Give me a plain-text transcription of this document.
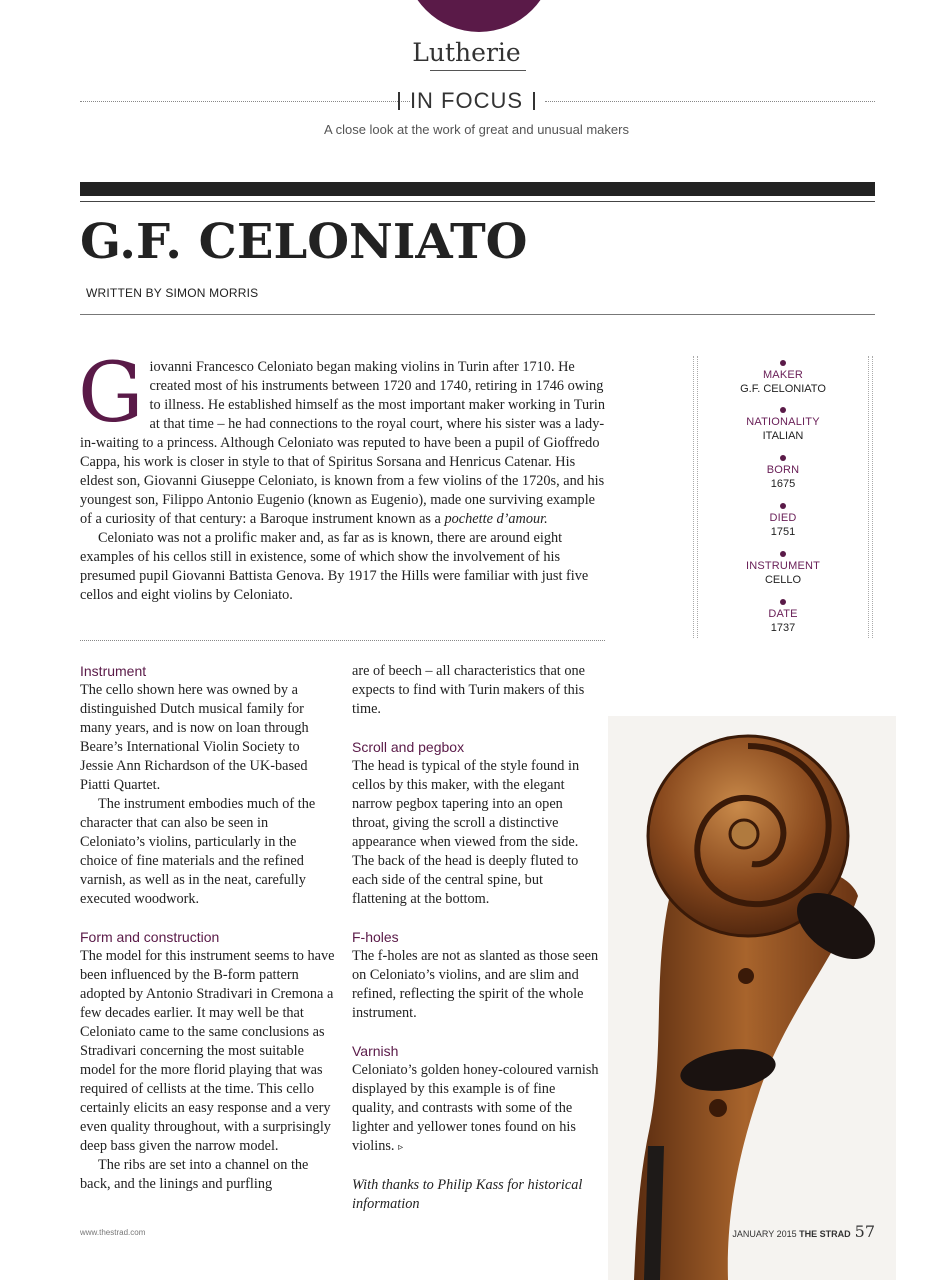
Lutherie
IN FOCUS
A close look at the work of great and unusual makers
G.F. CELONIATO
WRITTEN BY SIMON MORRIS

Giovanni Francesco Celoniato began making violins in Turin after 1710. He created most of his instruments between 1720 and 1740, retiring in 1746 owing to illness. He established himself as the most important maker working in Turin at that time – he had connections to the royal court, where his sister was a lady-in-waiting to a princess. Although Celoniato was reputed to have been a pupil of Gioffredo Cappa, his work is closer in style to that of Spiritus Sorsana and Henricus Catenar. His eldest son, Giovanni Giuseppe Celoniato, is known from a few violins of the 1720s, and his youngest son, Filippo Antonio Eugenio (known as Eugenio), made one surviving example of a curiosity of that century: a Baroque instrument known as a pochette d’amour.

Celoniato was not a prolific maker and, as far as is known, there are around eight examples of his cellos still in existence, some of which show the involvement of his presumed pupil Giovanni Battista Genova. By 1917 the Hills were familiar with just five cellos and eight violins by Celoniato.

MAKER
G.F. CELONIATO
NATIONALITY
ITALIAN
BORN
1675
DIED
1751
INSTRUMENT
CELLO
DATE
1737
Instrument

The cello shown here was owned by a distinguished Dutch musical family for many years, and is now on loan through Beare’s International Violin Society to Jessie Ann Richardson of the UK-based Piatti Quartet.

The instrument embodies much of the character that can also be seen in Celoniato’s violins, particularly in the choice of fine materials and the refined varnish, as well as in the neat, carefully executed woodwork.

Form and construction

The model for this instrument seems to have been influenced by the B-form pattern adopted by Antonio Stradivari in Cremona a few decades earlier. It may well be that Celoniato came to the same conclusions as Stradivari concerning the most suitable model for the more florid playing that was required of cellists at the time. This cello certainly elicits an easy response and a very even quality throughout, with a surprisingly deep bass given the narrow model.

The ribs are set into a channel on the back, and the linings and purfling

are of beech – all characteristics that one expects to find with Turin makers of this time.

Scroll and pegbox

The head is typical of the style found in cellos by this maker, with the elegant narrow pegbox tapering into an open throat, giving the scroll a distinctive appearance when viewed from the side. The back of the head is deeply fluted to each side of the central spine, but flattening at the bottom.

F-holes

The f-holes are not as slanted as those seen on Celoniato’s violins, and are slim and refined, reflecting the spirit of the whole instrument.

Varnish

Celoniato’s golden honey-coloured varnish displayed by this example is of fine quality, and contrasts with some of the lighter and yellower tones found on his violins. ▹

With thanks to Philip Kass for historical information

www.thestrad.com	JANUARY 2015 THE STRAD 57
